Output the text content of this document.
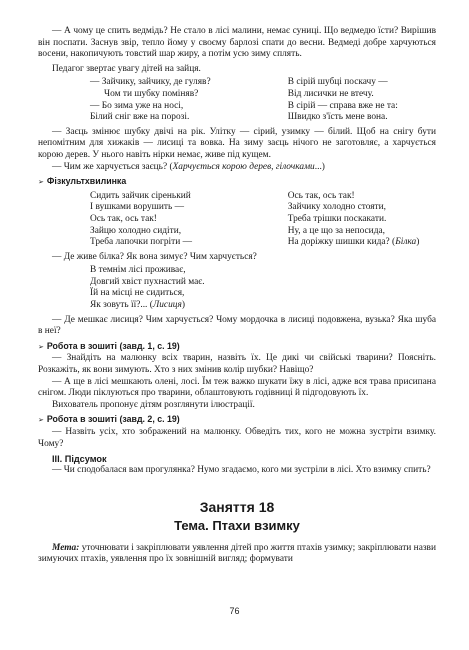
— А чому це спить ведмідь? Не стало в лісі малини, немає суниці. Що ведмедю їсти? Вирішив він поспати. Заснув звір, тепло йому у своєму барлозі спати до весни. Ведмеді добре харчуються восени, накопичують товстий шар жиру, а потім усю зиму сплять.

Педагог звертає увагу дітей на зайця.

— Зайчику, зайчику, де гуляв?
Чом ти шубку поміняв?
— Бо зима уже на носі,
Білий сніг вже на порозі.
В сірій шубці поскачу —
Від лисички не втечу.
В сірій — справа вже не та:
Швидко з'їсть мене вона.

— Заєць змінює шубку двічі на рік. Улітку — сірий, узимку — білий. Щоб на снігу бути непомітним для хижаків — лисиці та вовка. На зиму заєць нічого не заготовляє, а харчується корою дерев. У нього навіть нірки немає, живе під кущем.

— Чим же харчується заєць? (Харчується корою дерев, гілочками...)

➢ Фізкультхвилинка
Сидить зайчик сіренький
І вушками ворушить —
Ось так, ось так!
Зайцю холодно сидіти,
Треба лапочки погріти —
Ось так, ось так!
Зайчику холодно стояти,
Треба трішки поскакати.
Ну, а це що за непосида,
На доріжку шишки кида? (Білка)

— Де живе білка? Як вона зимує? Чим харчується?

В темнім лісі проживає,
Довгий хвіст пухнастий має.
Їй на місці не сидиться,
Як зовуть її?... (Лисиця)

— Де мешкає лисиця? Чим харчується? Чому мордочка в лисиці подовжена, вузька? Яка шуба в неї?

➢ Робота в зошиті (завд. 1, с. 19)

— Знайдіть на малюнку всіх тварин, назвіть їх. Це дикі чи свійські тварини? Поясніть. Розкажіть, як вони зимують. Хто з них змінив колір шубки? Навіщо?

— А ще в лісі мешкають олені, лосі. Їм теж важко шукати їжу в лісі, адже вся трава присипана снігом. Люди піклуються про тварини, облаштовують годівниці й підгодовують їх.

Вихователь пропонує дітям розглянути ілюстрації.

➢ Робота в зошиті (завд. 2, с. 19)

— Назвіть усіх, хто зображений на малюнку. Обведіть тих, кого не можна зустріти взимку. Чому?

ІІІ. Підсумок

— Чи сподобалася вам прогулянка? Нумо згадаємо, кого ми зустріли в лісі. Хто взимку спить?

Заняття 18
Тема. Птахи взимку

Мета: уточнювати і закріплювати уявлення дітей про життя птахів узимку; закріплювати назви зимуючих птахів, уявлення про їх зовнішній вигляд; формувати

76
